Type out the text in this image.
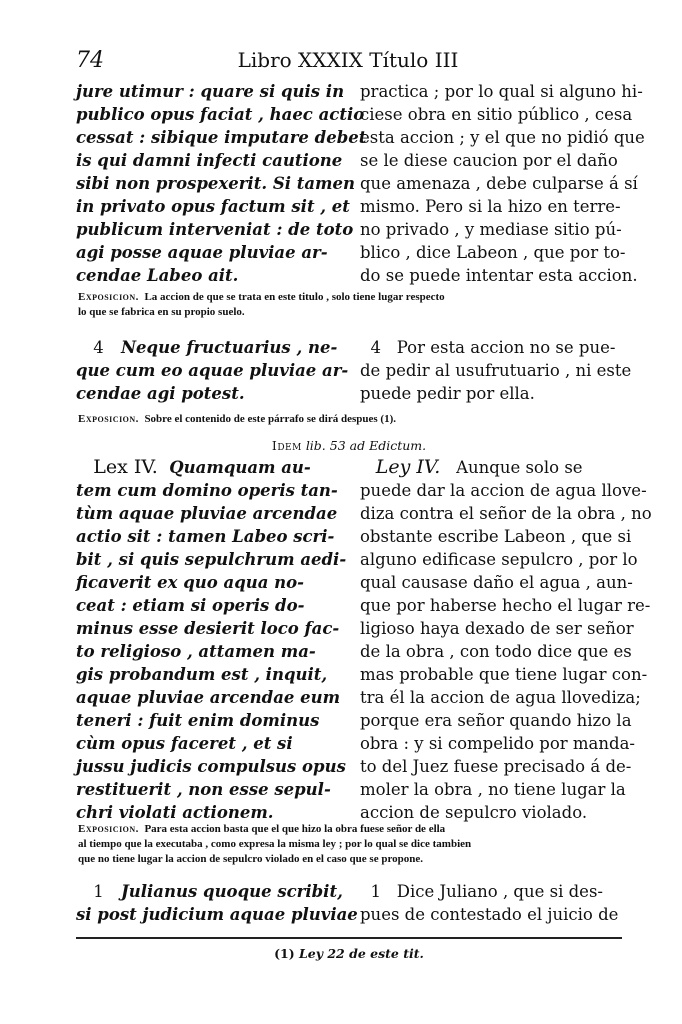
74	Libro XXXIX Título III
jure utimur : quare si quis in
publico opus faciat , haec actio
cessat : sibique imputare debet
is qui damni infecti cautione
sibi non prospexerit. Si tamen
in privato opus factum sit , et
publicum interveniat : de toto
agi posse aquae pluviae ar-
cendae Labeo ait.
practica ; por lo qual si alguno hi-
ciese obra en sitio público , cesa
esta accion ; y el que no pidió que
se le diese caucion por el daño
que amenaza , debe culparse á sí
mismo. Pero si la hizo en terre-
no privado , y mediase sitio pú-
blico , dice Labeon , que por to-
do se puede intentar esta accion.
Exposicion. La accion de que se trata en este titulo , solo tiene lugar respecto
lo que se fabrica en su propio suelo.
4 Neque fructuarius , ne-
que cum eo aquae pluviae ar-
cendae agi potest.
4 Por esta accion no se pue-
de pedir al usufrutuario , ni este
puede pedir por ella.
Exposicion. Sobre el contenido de este párrafo se dirá despues (1).
Idem lib. 53 ad Edictum.
Lex IV. Quamquam au-
tem cum domino operis tan-
tùm aquae pluviae arcendae
actio sit : tamen Labeo scri-
bit , si quis sepulchrum aedi-
ficaverit ex quo aqua no-
ceat : etiam si operis do-
minus esse desierit loco fac-
to religioso , attamen ma-
gis probandum est , inquit,
aquae pluviae arcendae eum
teneri : fuit enim dominus
cùm opus faceret , et si
jussu judicis compulsus opus
restituerit , non esse sepul-
chri violati actionem.
Ley IV. Aunque solo se
puede dar la accion de agua llove-
diza contra el señor de la obra , no
obstante escribe Labeon , que si
alguno edificase sepulcro , por lo
qual causase daño el agua , aun-
que por haberse hecho el lugar re-
ligioso haya dexado de ser señor
de la obra , con todo dice que es
mas probable que tiene lugar con-
tra él la accion de agua llovediza;
porque era señor quando hizo la
obra : y si compelido por manda-
to del Juez fuese precisado á de-
moler la obra , no tiene lugar la
accion de sepulcro violado.
Exposicion. Para esta accion basta que el que hizo la obra fuese señor de ella
al tiempo que la executaba , como expresa la misma ley ; por lo qual se dice tambien
que no tiene lugar la accion de sepulcro violado en el caso que se propone.
1 Julianus quoque scribit,
si post judicium aquae pluviae
1 Dice Juliano , que si des-
pues de contestado el juicio de
(1) Ley 22 de este tit.
